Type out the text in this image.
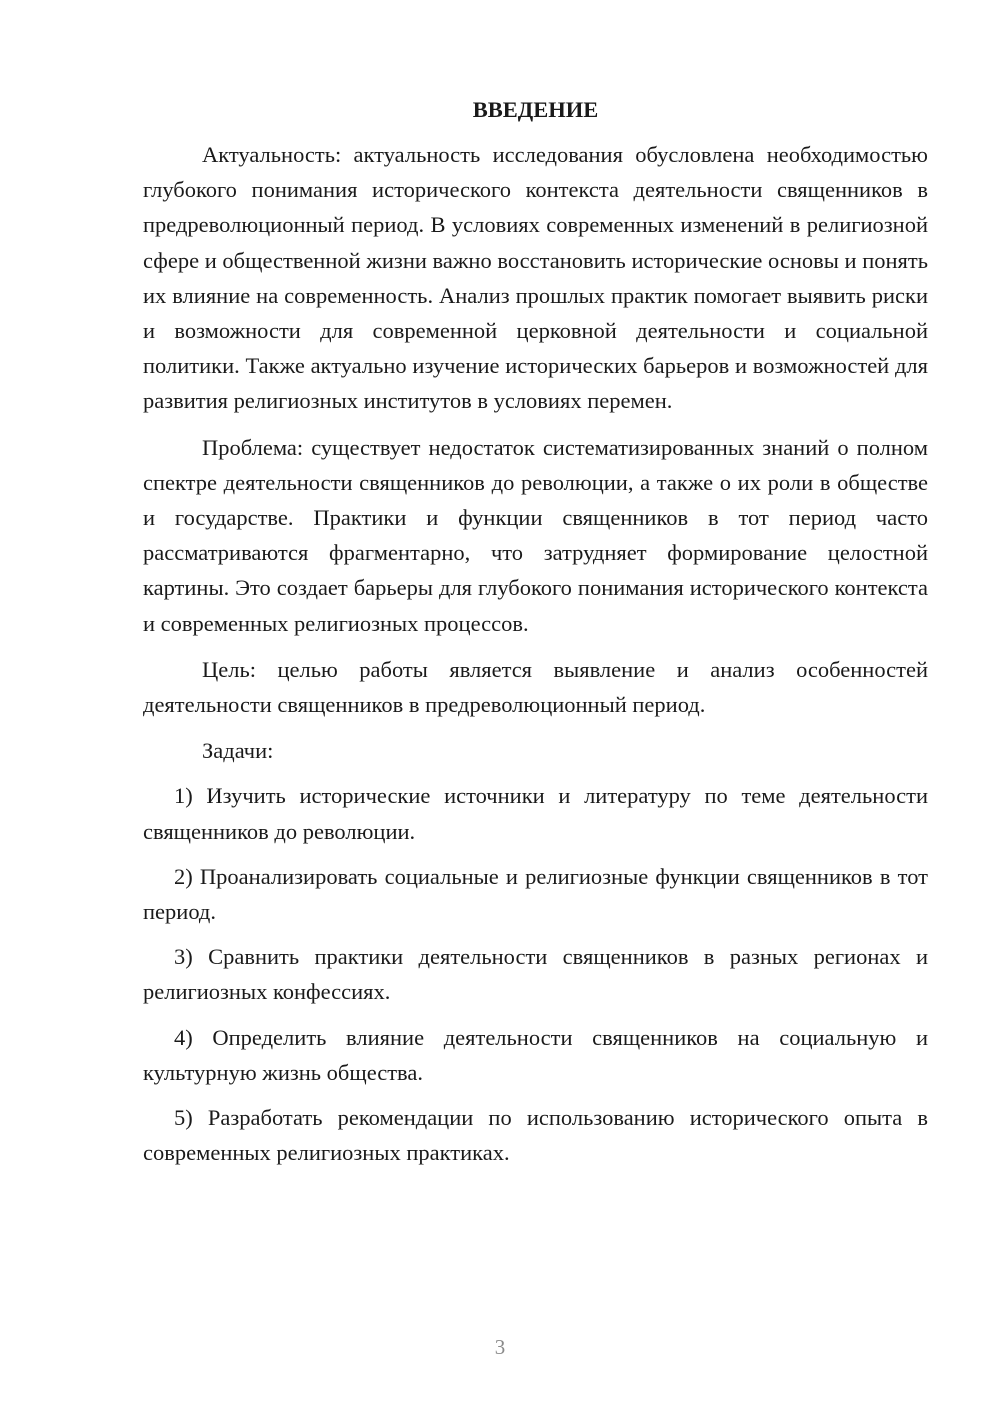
ВВЕДЕНИЕ

Актуальность: актуальность исследования обусловлена необходимостью глубокого понимания исторического контекста деятельности священников в предреволюционный период. В условиях современных изменений в религиозной сфере и общественной жизни важно восстановить исторические основы и понять их влияние на современность. Анализ прошлых практик помогает выявить риски и возможности для современной церковной деятельности и социальной политики. Также актуально изучение исторических барьеров и возможностей для развития религиозных институтов в условиях перемен.

Проблема: существует недостаток систематизированных знаний о полном спектре деятельности священников до революции, а также о их роли в обществе и государстве. Практики и функции священников в тот период часто рассматриваются фрагментарно, что затрудняет формирование целостной картины. Это создает барьеры для глубокого понимания исторического контекста и современных религиозных процессов.

Цель: целью работы является выявление и анализ особенностей деятельности священников в предреволюционный период.

Задачи:

1) Изучить исторические источники и литературу по теме деятельности священников до революции.

2) Проанализировать социальные и религиозные функции священников в тот период.

3) Сравнить практики деятельности священников в разных регионах и религиозных конфессиях.

4) Определить влияние деятельности священников на социальную и культурную жизнь общества.

5) Разработать рекомендации по использованию исторического опыта в современных религиозных практиках.

3
